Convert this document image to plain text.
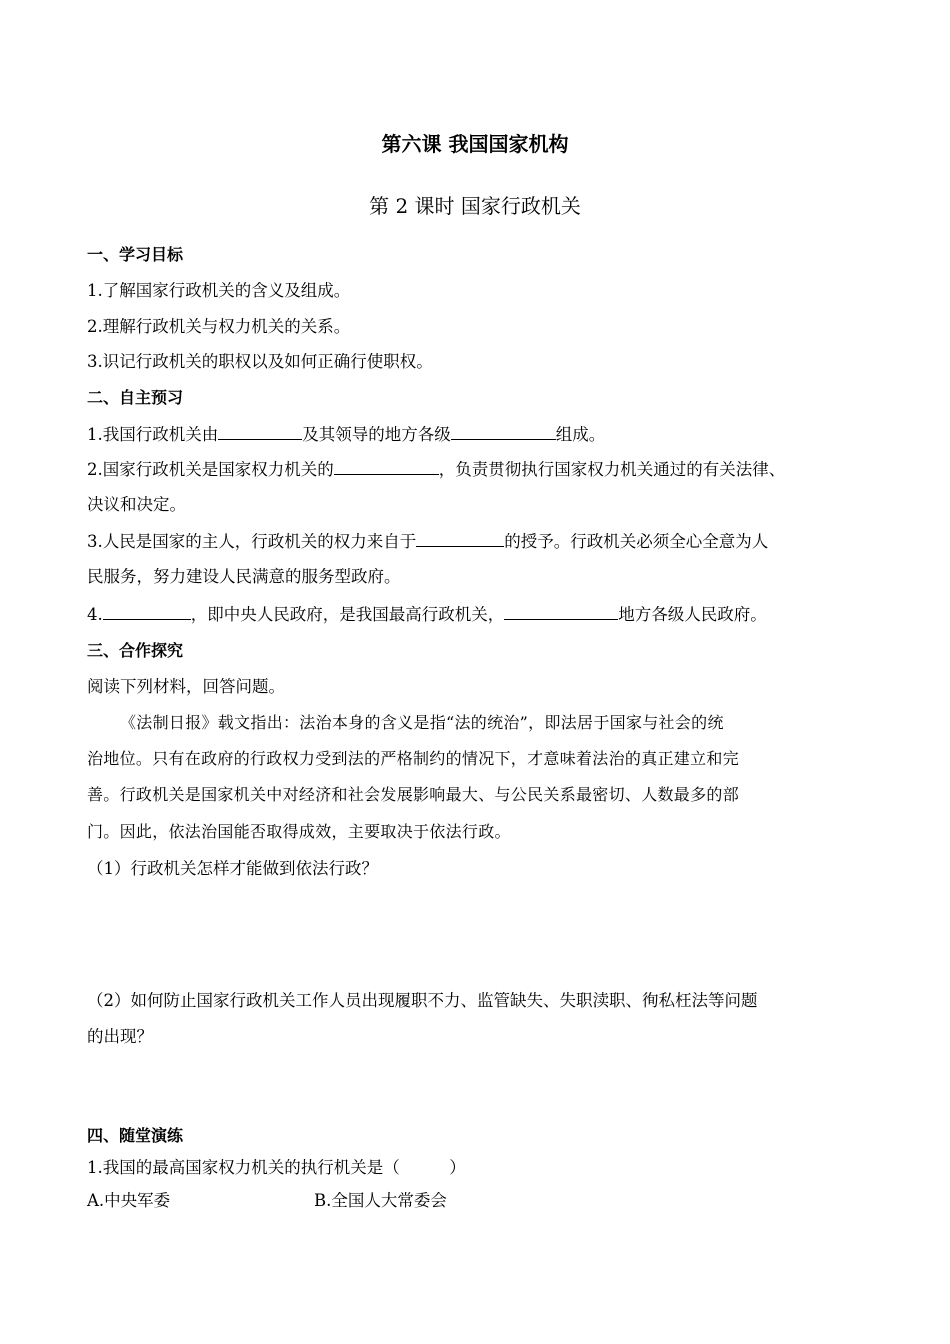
第六课 我国国家机构
第 2 课时 国家行政机关
一、学习目标
1.了解国家行政机关的含义及组成。
2.理解行政机关与权力机关的关系。
3.识记行政机关的职权以及如何正确行使职权。
二、自主预习
1.我国行政机关由	及其领导的地方各级	组成。
2.国家行政机关是国家权力机关的	，负责贯彻执行国家权力机关通过的有关法律、
决议和决定。
3.人民是国家的主人，行政机关的权力来自于	的授予。行政机关必须全心全意为人
民服务，努力建设人民满意的服务型政府。
4.	，即中央人民政府，是我国最高行政机关，	地方各级人民政府。
三、合作探究
阅读下列材料，回答问题。
《法制日报》载文指出：法治本身的含义是指“法的统治”，即法居于国家与社会的统
治地位。只有在政府的行政权力受到法的严格制约的情况下，才意味着法治的真正建立和完
善。行政机关是国家机关中对经济和社会发展影响最大、与公民关系最密切、人数最多的部
门。因此，依法治国能否取得成效，主要取决于依法行政。
（1）行政机关怎样才能做到依法行政？
（2）如何防止国家行政机关工作人员出现履职不力、监管缺失、失职渎职、徇私枉法等问题
的出现？
四、随堂演练
1.我国的最高国家权力机关的执行机关是（　　　）
A.中央军委	B.全国人大常委会
